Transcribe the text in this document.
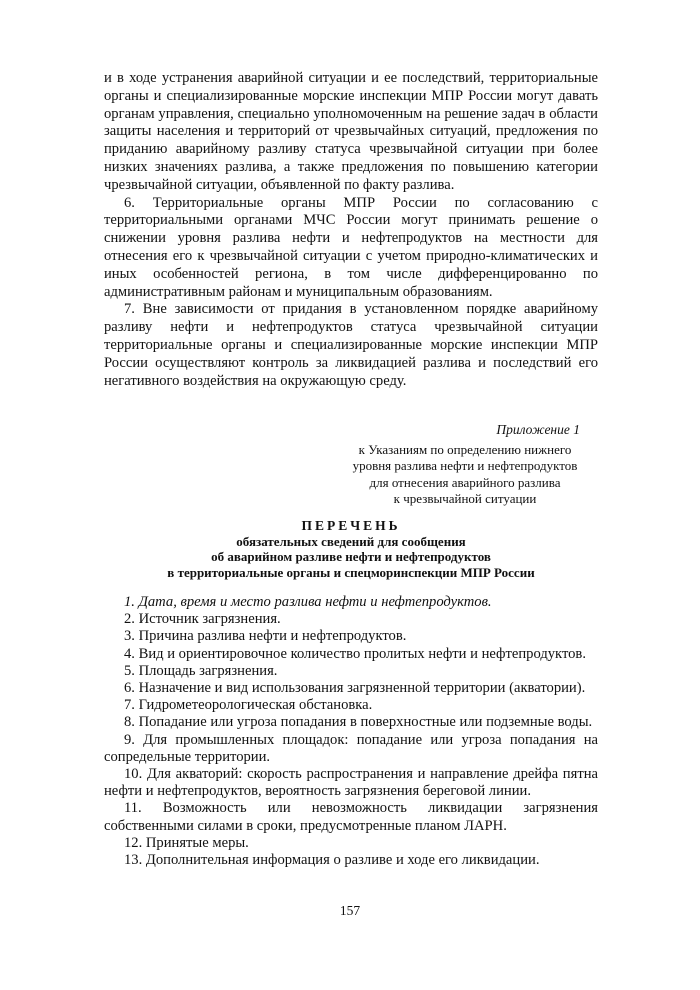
и в ходе устранения аварийной ситуации и ее последствий, территориальные органы и специализированные морские инспекции МПР России могут давать органам управления, специально уполномоченным на решение задач в области защиты населения и территорий от чрезвычайных ситуаций, предложения по приданию аварийному разливу статуса чрезвычайной ситуации при более низких значениях разлива, а также предложения по повышению категории чрезвычайной ситуации, объявленной по факту разлива.

6. Территориальные органы МПР России по согласованию с территориальными органами МЧС России могут принимать решение о снижении уровня разлива нефти и нефтепродуктов на местности для отнесения его к чрезвычайной ситуации с учетом природно-климатических и иных особенностей региона, в том числе дифференцированно по административным районам и муниципальным образованиям.

7. Вне зависимости от придания в установленном порядке аварийному разливу нефти и нефтепродуктов статуса чрезвычайной ситуации территориальные органы и специализированные морские инспекции МПР России осуществляют контроль за ликвидацией разлива и последствий его негативного воздействия на окружающую среду.

Приложение 1
к Указаниям по определению нижнего
уровня разлива нефти и нефтепродуктов
для отнесения аварийного разлива
к чрезвычайной ситуации
ПЕРЕЧЕНЬ
обязательных сведений для сообщения
об аварийном разливе нефти и нефтепродуктов
в территориальные органы и спецморинспекции МПР России

1. Дата, время и место разлива нефти и нефтепродуктов.

2. Источник загрязнения.

3. Причина разлива нефти и нефтепродуктов.

4. Вид и ориентировочное количество пролитых нефти и нефтепродуктов.

5. Площадь загрязнения.

6. Назначение и вид использования загрязненной территории (акватории).

7. Гидрометеорологическая обстановка.

8. Попадание или угроза попадания в поверхностные или подземные воды.

9. Для промышленных площадок: попадание или угроза попадания на сопредельные территории.

10. Для акваторий: скорость распространения и направление дрейфа пятна нефти и нефтепродуктов, вероятность загрязнения береговой линии.

11. Возможность или невозможность ликвидации загрязнения собственными силами в сроки, предусмотренные планом ЛАРН.

12. Принятые меры.

13. Дополнительная информация о разливе и ходе его ликвидации.

157
